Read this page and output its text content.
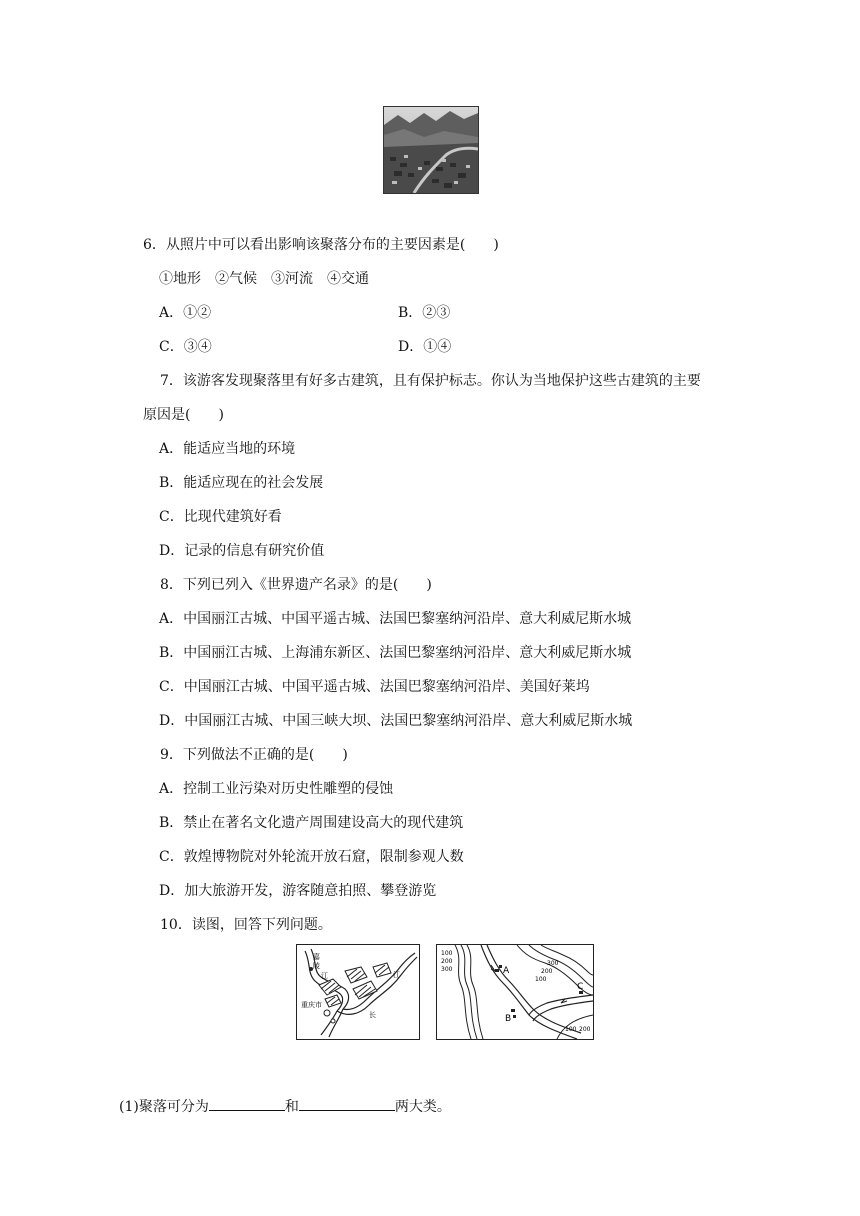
6．从照片中可以看出影响该聚落分布的主要因素是(　　)
①地形　②气候　③河流　④交通
A．①②	B．②③
C．③④	D．①④
7．该游客发现聚落里有好多古建筑，且有保护标志。你认为当地保护这些古建筑的主要
原因是(　　)
A．能适应当地的环境
B．能适应现在的社会发展
C．比现代建筑好看
D．记录的信息有研究价值
8．下列已列入《世界遗产名录》的是(　　)
A．中国丽江古城、中国平遥古城、法国巴黎塞纳河沿岸、意大利威尼斯水城
B．中国丽江古城、上海浦东新区、法国巴黎塞纳河沿岸、意大利威尼斯水城
C．中国丽江古城、中国平遥古城、法国巴黎塞纳河沿岸、美国好莱坞
D．中国丽江古城、中国三峡大坝、法国巴黎塞纳河沿岸、意大利威尼斯水城
9．下列做法不正确的是(　　)
A．控制工业污染对历史性雕塑的侵蚀
B．禁止在著名文化遗产周围建设高大的现代建筑
C．敦煌博物院对外轮流开放石窟，限制参观人数
D．加大旅游开发，游客随意拍照、攀登游览
10．读图，回答下列问题。
嘉
陵
江	江
重庆市
长
100
200
300
300
200
100
100 200
A
B
C
(1)聚落可分为	和	两大类。
